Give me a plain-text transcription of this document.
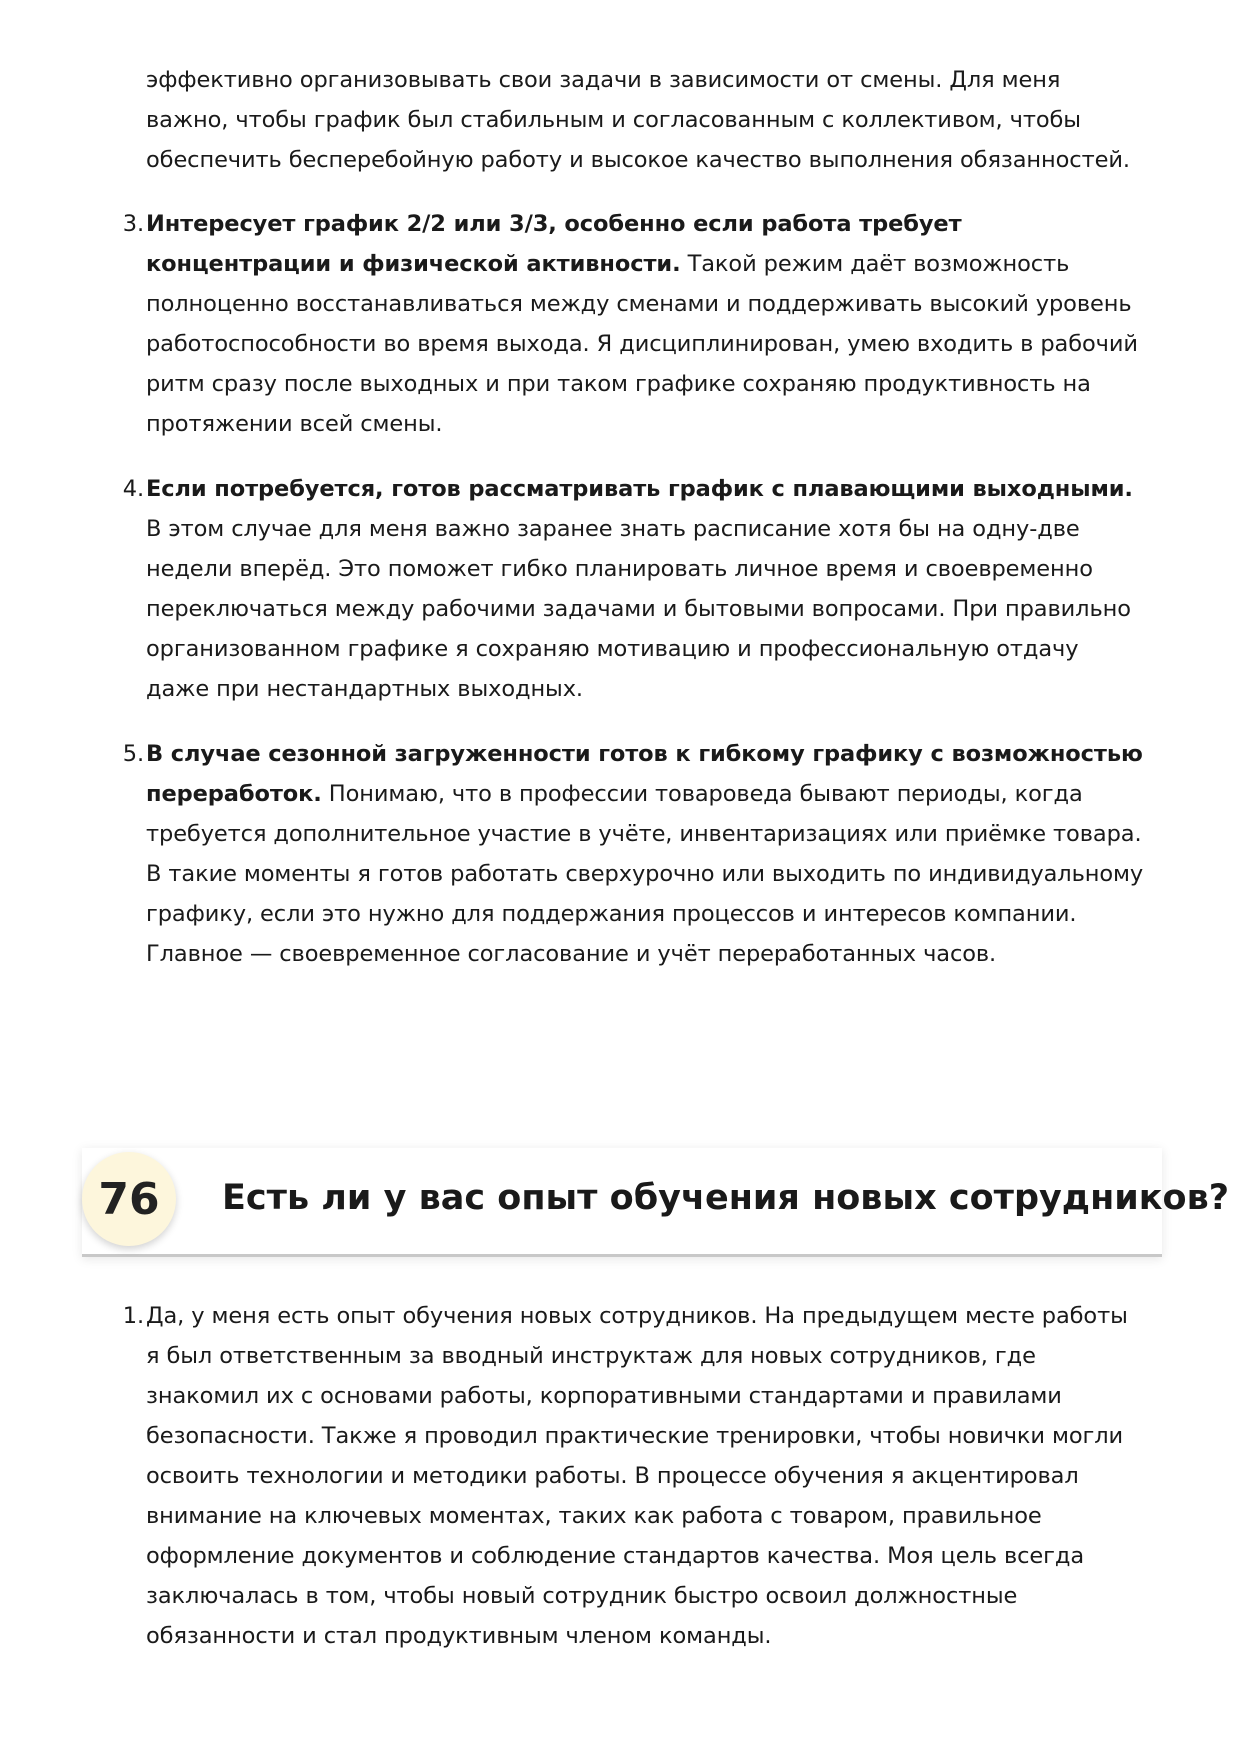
эффективно организовывать свои задачи в зависимости от смены. Для меня важно, чтобы график был стабильным и согласованным с коллективом, чтобы обеспечить бесперебойную работу и высокое качество выполнения обязанностей.

3 . Интересует график 2/2 или 3/3, особенно если работа требует концентрации и физической активности. Такой режим даёт возможность полноценно восстанавливаться между сменами и поддерживать высокий уровень работоспособности во время выхода. Я дисциплинирован, умею входить в рабочий ритм сразу после выходных и при таком графике сохраняю продуктивность на протяжении всей смены.
4 . Если потребуется, готов рассматривать график с плавающими выходными. В этом случае для меня важно заранее знать расписание хотя бы на одну-две недели вперёд. Это поможет гибко планировать личное время и своевременно переключаться между рабочими задачами и бытовыми вопросами. При правильно организованном графике я сохраняю мотивацию и профессиональную отдачу даже при нестандартных выходных.
5 . В случае сезонной загруженности готов к гибкому графику с возможностью переработок. Понимаю, что в профессии товароведа бывают периоды, когда требуется дополнительное участие в учёте, инвентаризациях или приёмке товара. В такие моменты я готов работать сверхурочно или выходить по индивидуальному графику, если это нужно для поддержания процессов и интересов компании. Главное — своевременное согласование и учёт переработанных часов.
76	Есть ли у вас опыт обучения новых сотрудников?
1 . Да, у меня есть опыт обучения новых сотрудников. На предыдущем месте работы я был ответственным за вводный инструктаж для новых сотрудников, где знакомил их с основами работы, корпоративными стандартами и правилами безопасности. Также я проводил практические тренировки, чтобы новички могли освоить технологии и методики работы. В процессе обучения я акцентировал внимание на ключевых моментах, таких как работа с товаром, правильное оформление документов и соблюдение стандартов качества. Моя цель всегда заключалась в том, чтобы новый сотрудник быстро освоил должностные обязанности и стал продуктивным членом команды.
